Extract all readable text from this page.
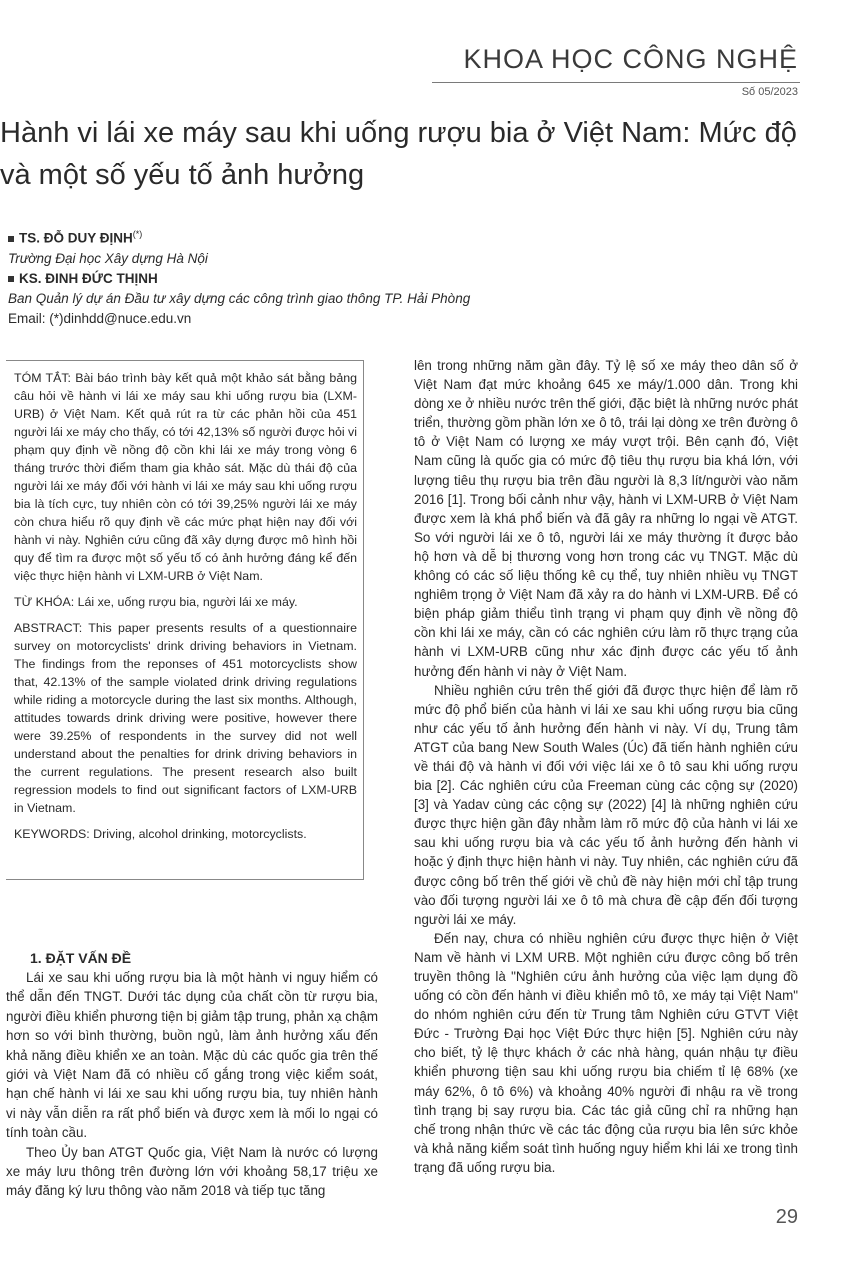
KHOA HỌC CÔNG NGHỆ
Số 05/2023
Hành vi lái xe máy sau khi uống rượu bia ở Việt Nam: Mức độ và một số yếu tố ảnh hưởng
TS. ĐỖ DUY ĐỊNH(*)
Trường Đại học Xây dựng Hà Nội
KS. ĐINH ĐỨC THỊNH
Ban Quản lý dự án Đầu tư xây dựng các công trình giao thông TP. Hải Phòng
Email: (*)dinhdd@nuce.edu.vn

TÓM TẮT: Bài báo trình bày kết quả một khảo sát bằng bảng câu hỏi về hành vi lái xe máy sau khi uống rượu bia (LXM-URB) ở Việt Nam. Kết quả rút ra từ các phản hồi của 451 người lái xe máy cho thấy, có tới 42,13% số người được hỏi vi phạm quy định về nồng độ cồn khi lái xe máy trong vòng 6 tháng trước thời điểm tham gia khảo sát. Mặc dù thái độ của người lái xe máy đối với hành vi lái xe máy sau khi uống rượu bia là tích cực, tuy nhiên còn có tới 39,25% người lái xe máy còn chưa hiểu rõ quy định về các mức phạt hiện nay đối với hành vi này. Nghiên cứu cũng đã xây dựng được mô hình hồi quy để tìm ra được một số yếu tố có ảnh hưởng đáng kể đến việc thực hiện hành vi LXM-URB ở Việt Nam.

TỪ KHÓA: Lái xe, uống rượu bia, người lái xe máy.

ABSTRACT: This paper presents results of a questionnaire survey on motorcyclists' drink driving behaviors in Vietnam. The findings from the reponses of 451 motorcyclists show that, 42.13% of the sample violated drink driving regulations while riding a motorcycle during the last six months. Although, attitudes towards drink driving were positive, however there were 39.25% of respondents in the survey did not well understand about the penalties for drink driving behaviors in the current regulations. The present research also built regression models to find out significant factors of LXM-URB in Vietnam.

KEYWORDS: Driving, alcohol drinking, motorcyclists.

1. ĐẶT VẤN ĐỀ

Lái xe sau khi uống rượu bia là một hành vi nguy hiểm có thể dẫn đến TNGT. Dưới tác dụng của chất cồn từ rượu bia, người điều khiển phương tiện bị giảm tập trung, phản xạ chậm hơn so với bình thường, buồn ngủ, làm ảnh hưởng xấu đến khả năng điều khiển xe an toàn. Mặc dù các quốc gia trên thế giới và Việt Nam đã có nhiều cố gắng trong việc kiểm soát, hạn chế hành vi lái xe sau khi uống rượu bia, tuy nhiên hành vi này vẫn diễn ra rất phổ biến và được xem là mối lo ngại có tính toàn cầu.

Theo Ủy ban ATGT Quốc gia, Việt Nam là nước có lượng xe máy lưu thông trên đường lớn với khoảng 58,17 triệu xe máy đăng ký lưu thông vào năm 2018 và tiếp tục tăng

lên trong những năm gần đây. Tỷ lệ số xe máy theo dân số ở Việt Nam đạt mức khoảng 645 xe máy/1.000 dân. Trong khi dòng xe ở nhiều nước trên thế giới, đặc biệt là những nước phát triển, thường gồm phần lớn xe ô tô, trái lại dòng xe trên đường ô tô ở Việt Nam có lượng xe máy vượt trội. Bên cạnh đó, Việt Nam cũng là quốc gia có mức độ tiêu thụ rượu bia khá lớn, với lượng tiêu thụ rượu bia trên đầu người là 8,3 lít/người vào năm 2016 [1]. Trong bối cảnh như vậy, hành vi LXM-URB ở Việt Nam được xem là khá phổ biến và đã gây ra những lo ngại về ATGT. So với người lái xe ô tô, người lái xe máy thường ít được bảo hộ hơn và dễ bị thương vong hơn trong các vụ TNGT. Mặc dù không có các số liệu thống kê cụ thể, tuy nhiên nhiều vụ TNGT nghiêm trọng ở Việt Nam đã xảy ra do hành vi LXM-URB. Để có biện pháp giảm thiểu tình trạng vi phạm quy định về nồng độ cồn khi lái xe máy, cần có các nghiên cứu làm rõ thực trạng của hành vi LXM-URB cũng như xác định được các yếu tố ảnh hưởng đến hành vi này ở Việt Nam.

Nhiều nghiên cứu trên thế giới đã được thực hiện để làm rõ mức độ phổ biến của hành vi lái xe sau khi uống rượu bia cũng như các yếu tố ảnh hưởng đến hành vi này. Ví dụ, Trung tâm ATGT của bang New South Wales (Úc) đã tiến hành nghiên cứu về thái độ và hành vi đối với việc lái xe ô tô sau khi uống rượu bia [2]. Các nghiên cứu của Freeman cùng các cộng sự (2020) [3] và Yadav cùng các cộng sự (2022) [4] là những nghiên cứu được thực hiện gần đây nhằm làm rõ mức độ của hành vi lái xe sau khi uống rượu bia và các yếu tố ảnh hưởng đến hành vi hoặc ý định thực hiện hành vi này. Tuy nhiên, các nghiên cứu đã được công bố trên thế giới về chủ đề này hiện mới chỉ tập trung vào đối tượng người lái xe ô tô mà chưa đề cập đến đối tượng người lái xe máy.

Đến nay, chưa có nhiều nghiên cứu được thực hiện ở Việt Nam về hành vi LXM URB. Một nghiên cứu được công bố trên truyền thông là "Nghiên cứu ảnh hưởng của việc lạm dụng đồ uống có cồn đến hành vi điều khiển mô tô, xe máy tại Việt Nam" do nhóm nghiên cứu đến từ Trung tâm Nghiên cứu GTVT Việt Đức - Trường Đại học Việt Đức thực hiện [5]. Nghiên cứu này cho biết, tỷ lệ thực khách ở các nhà hàng, quán nhậu tự điều khiển phương tiện sau khi uống rượu bia chiếm tỉ lệ 68% (xe máy 62%, ô tô 6%) và khoảng 40% người đi nhậu ra về trong tình trạng bị say rượu bia. Các tác giả cũng chỉ ra những hạn chế trong nhận thức về các tác động của rượu bia lên sức khỏe và khả năng kiểm soát tình huống nguy hiểm khi lái xe trong tình trạng đã uống rượu bia.

29
